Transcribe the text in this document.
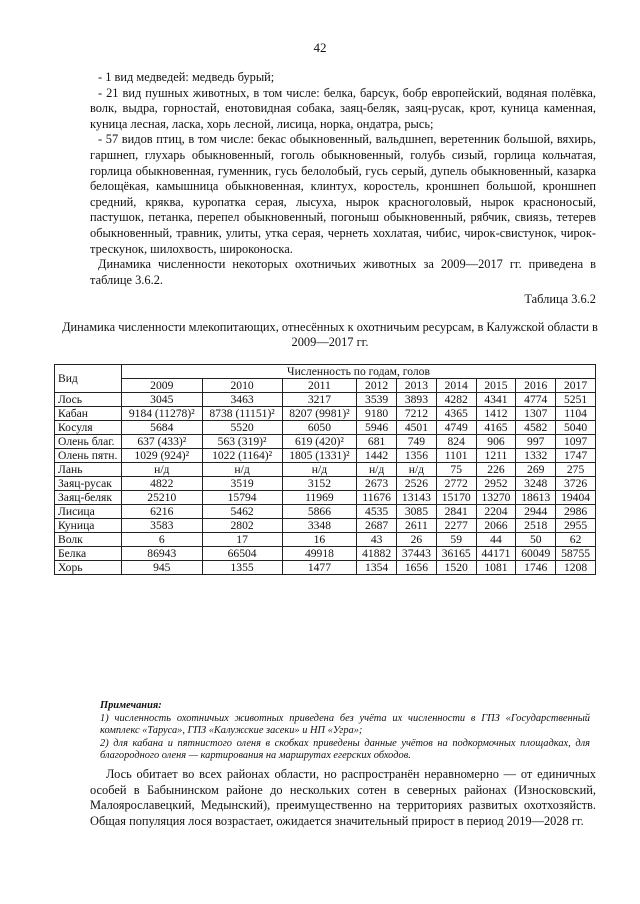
42

- 1 вид медведей: медведь бурый;

- 21 вид пушных животных, в том числе: белка, барсук, бобр европейский, водяная полёвка, волк, выдра, горностай, енотовидная собака, заяц-беляк, заяц-русак, крот, куница каменная, куница лесная, ласка, хорь лесной, лисица, норка, ондатра, рысь;

- 57 видов птиц, в том числе: бекас обыкновенный, вальдшнеп, веретенник большой, вяхирь, гаршнеп, глухарь обыкновенный, гоголь обыкновенный, голубь сизый, горлица кольчатая, горлица обыкновенная, гуменник, гусь белолобый, гусь серый, дупель обыкновенный, казарка белощёкая, камышница обыкновенная, клинтух, коростель, кроншнеп большой, кроншнеп средний, кряква, куропатка серая, лысуха, нырок красноголовый, нырок красноносый, пастушок, петанка, перепел обыкновенный, погоныш обыкновенный, рябчик, свиязь, тетерев обыкновенный, травник, улиты, утка серая, чернеть хохлатая, чибис, чирок-свистунок, чирок-трескунок, шилохвость, широконоска.

Динамика численности некоторых охотничьих животных за 2009—2017 гг. приведена в таблице 3.6.2.

Таблица 3.6.2
Динамика численности млекопитающих, отнесённых к охотничьим ресурсам, в Калужской области в 2009—2017 гг.
Вид	Численность по годам, голов								
	2009	2010	2011	2012	2013	2014	2015	2016	2017
Лось	3045	3463	3217	3539	3893	4282	4341	4774	5251
Кабан	9184 (11278)²	8738 (11151)²	8207 (9981)²	9180	7212	4365	1412	1307	1104
Косуля	5684	5520	6050	5946	4501	4749	4165	4582	5040
Олень благ.	637 (433)²	563 (319)²	619 (420)²	681	749	824	906	997	1097
Олень пятн.	1029 (924)²	1022 (1164)²	1805 (1331)²	1442	1356	1101	1211	1332	1747
Лань	н/д	н/д	н/д	н/д	н/д	75	226	269	275
Заяц-русак	4822	3519	3152	2673	2526	2772	2952	3248	3726
Заяц-беляк	25210	15794	11969	11676	13143	15170	13270	18613	19404
Лисица	6216	5462	5866	4535	3085	2841	2204	2944	2986
Куница	3583	2802	3348	2687	2611	2277	2066	2518	2955
Волк	6	17	16	43	26	59	44	50	62
Белка	86943	66504	49918	41882	37443	36165	44171	60049	58755
Хорь	945	1355	1477	1354	1656	1520	1081	1746	1208

Примечания:

1) численность охотничьих животных приведена без учёта их численности в ГПЗ «Государственный комплекс «Таруса», ГПЗ «Калужские засеки» и НП «Угра»;

2) для кабана и пятнистого оленя в скобках приведены данные учётов на подкормочных площадках, для благородного оленя — картирования на маршрутах егерских обходов.

Лось обитает во всех районах области, но распространён неравномерно — от единичных особей в Бабынинском районе до нескольких сотен в северных районах (Износковский, Малоярославецкий, Медынский), преимущественно на территориях развитых охотхозяйств. Общая популяция лося возрастает, ожидается значительный прирост в период 2019—2028 гг.
